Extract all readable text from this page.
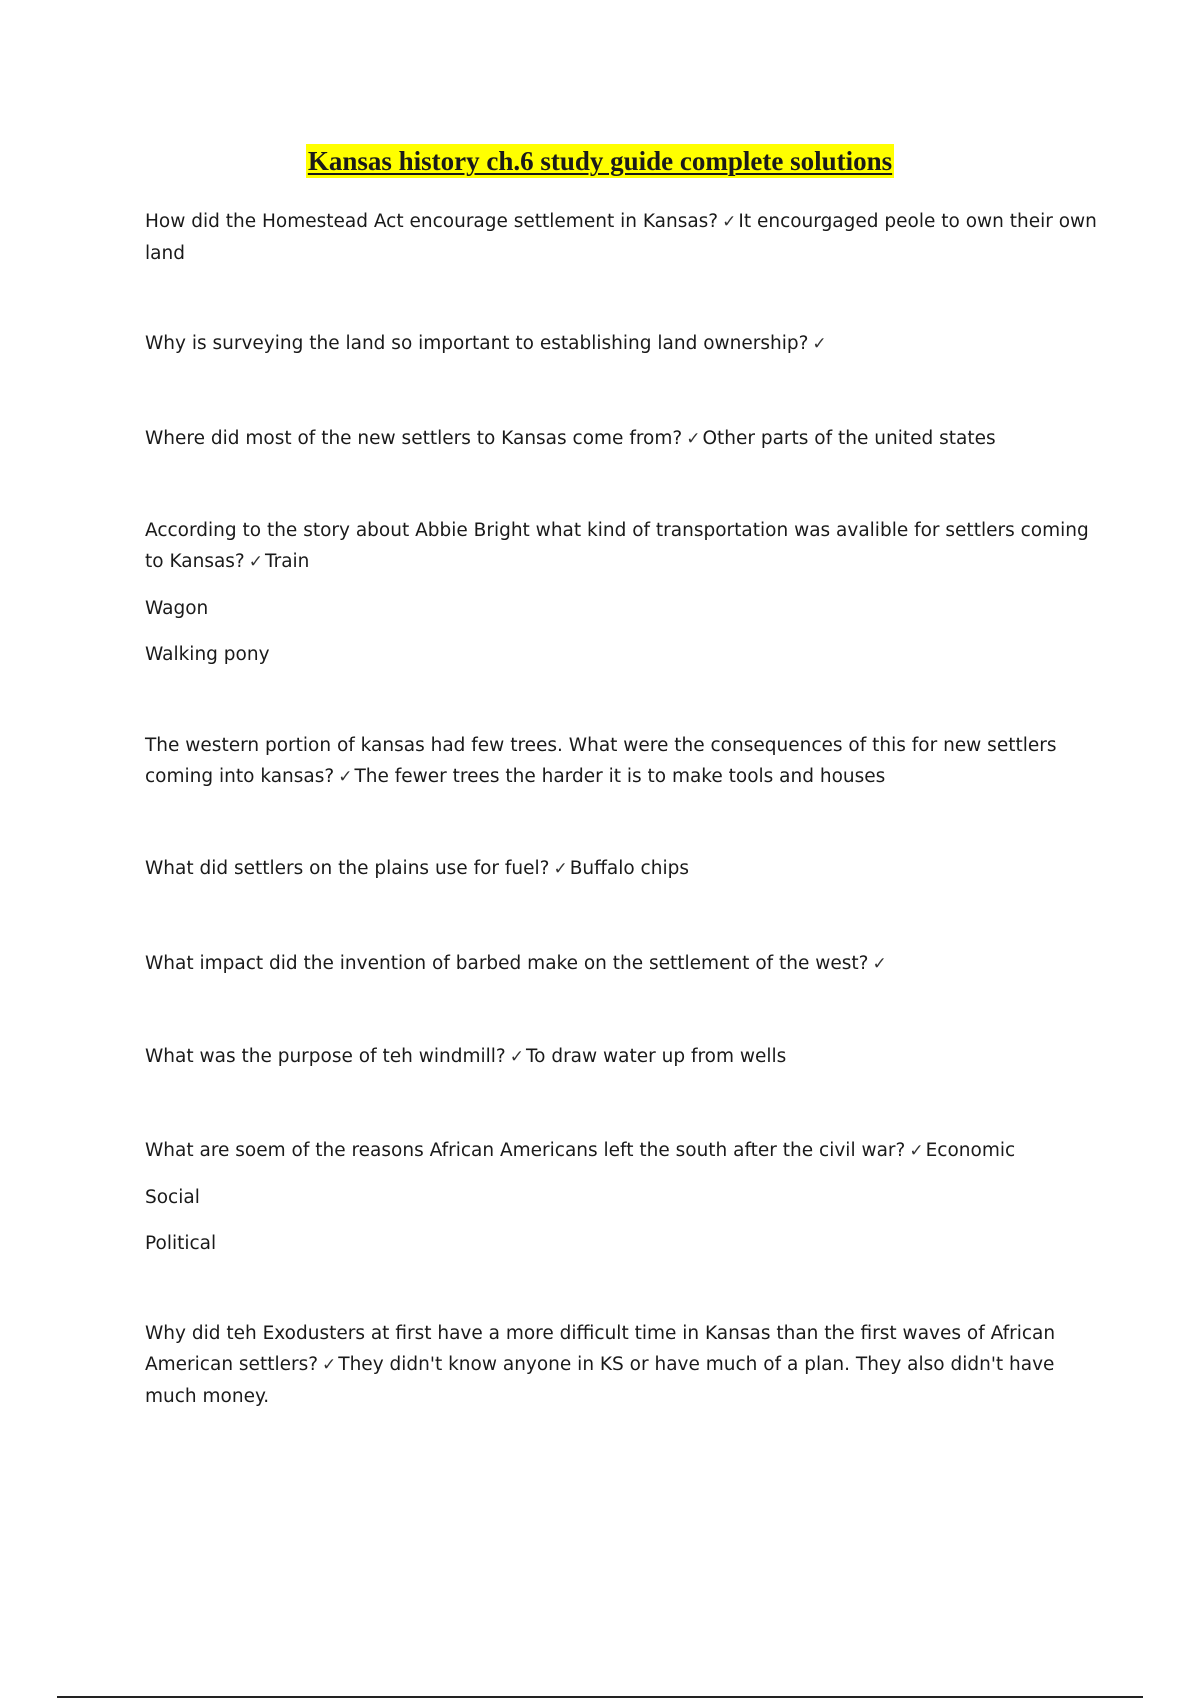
Kansas history ch.6 study guide complete solutions

How did the Homestead Act encourage settlement in Kansas? ✓ It encourgaged peole to own their own land

Why is surveying the land so important to establishing land ownership? ✓

Where did most of the new settlers to Kansas come from? ✓ Other parts of the united states

According to the story about Abbie Bright what kind of transportation was avalible for settlers coming to Kansas? ✓ Train

Wagon

Walking pony

The western portion of kansas had few trees. What were the consequences of this for new settlers coming into kansas? ✓ The fewer trees the harder it is to make tools and houses

What did settlers on the plains use for fuel? ✓ Buffalo chips

What impact did the invention of barbed make on the settlement of the west? ✓

What was the purpose of teh windmill? ✓ To draw water up from wells

What are soem of the reasons African Americans left the south after the civil war? ✓ Economic

Social

Political

Why did teh Exodusters at first have a more difficult time in Kansas than the first waves of African American settlers? ✓ They didn't know anyone in KS or have much of a plan. They also didn't have much money.
